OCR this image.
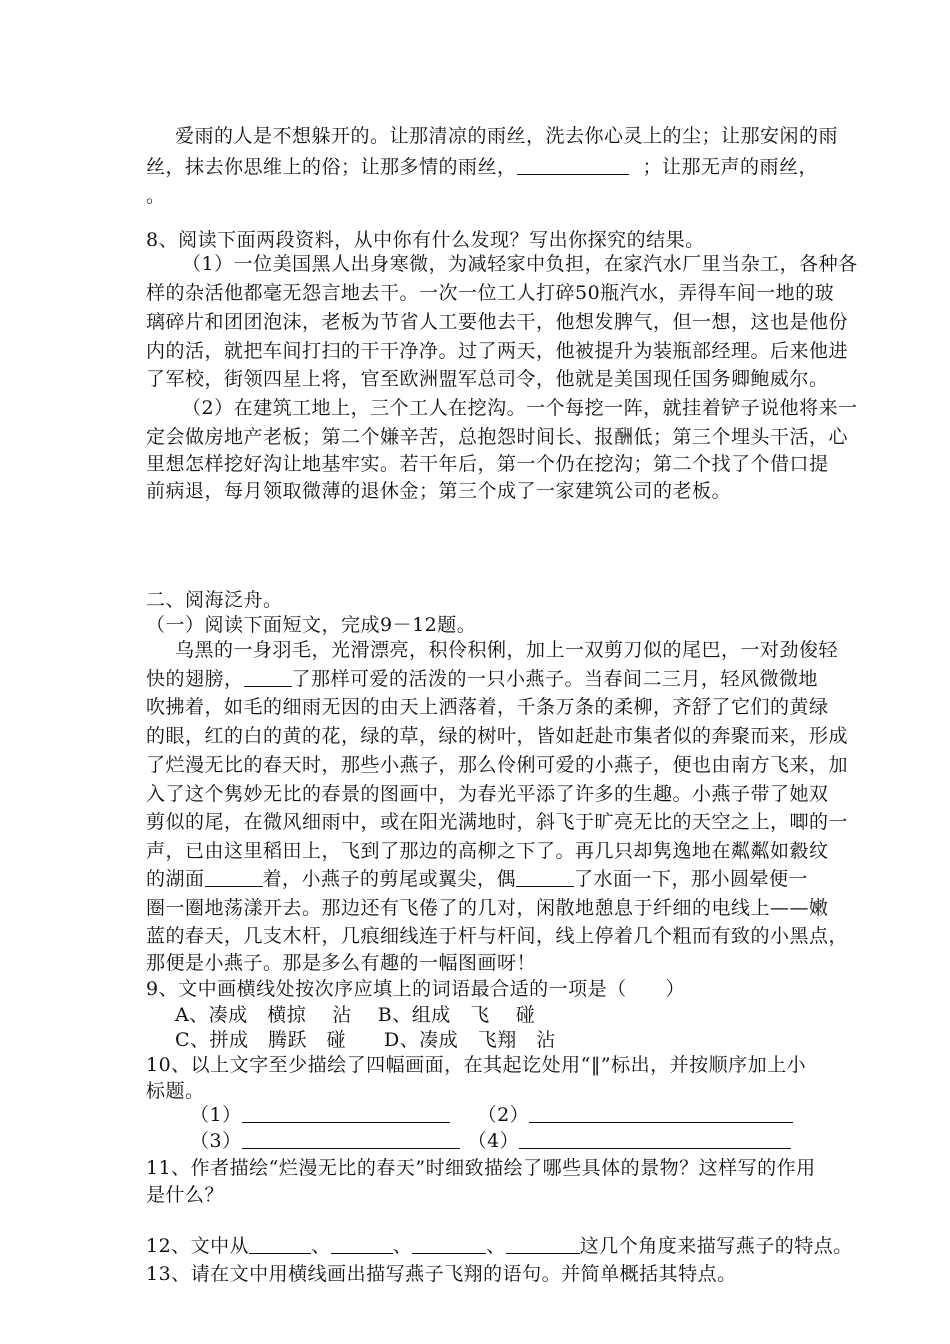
爱雨的人是不想躲开的。让那清凉的雨丝，洗去你心灵上的尘；让那安闲的雨
丝，抹去你思维上的俗；让那多情的雨丝，	；让那无声的雨丝，
。
8、阅读下面两段资料，从中你有什么发现？写出你探究的结果。
（1）一位美国黑人出身寒微，为减轻家中负担，在家汽水厂里当杂工，各种各
样的杂活他都毫无怨言地去干。一次一位工人打碎50瓶汽水，弄得车间一地的玻
璃碎片和团团泡沫，老板为节省人工要他去干，他想发脾气，但一想，这也是他份
内的活，就把车间打扫的干干净净。过了两天，他被提升为装瓶部经理。后来他进
了军校，街领四星上将，官至欧洲盟军总司令，他就是美国现任国务卿鲍威尔。
（2）在建筑工地上，三个工人在挖沟。一个每挖一阵，就挂着铲子说他将来一
定会做房地产老板；第二个嫌辛苦，总抱怨时间长、报酬低；第三个埋头干活，心
里想怎样挖好沟让地基牢实。若干年后，第一个仍在挖沟；第二个找了个借口提
前病退，每月领取微薄的退休金；第三个成了一家建筑公司的老板。
二、阅海泛舟。
（一）阅读下面短文，完成9－12题。
乌黑的一身羽毛，光滑漂亮，积伶积俐，加上一双剪刀似的尾巴，一对劲俊轻
快的翅膀，	了那样可爱的活泼的一只小燕子。当春间二三月，轻风微微地
吹拂着，如毛的细雨无因的由天上洒落着，千条万条的柔柳，齐舒了它们的黄绿
的眼，红的白的黄的花，绿的草，绿的树叶，皆如赶赴市集者似的奔聚而来，形成
了烂漫无比的春天时，那些小燕子，那么伶俐可爱的小燕子，便也由南方飞来，加
入了这个隽妙无比的春景的图画中，为春光平添了许多的生趣。小燕子带了她双
剪似的尾，在微风细雨中，或在阳光满地时，斜飞于旷亮无比的天空之上，唧的一
声，已由这里稻田上，飞到了那边的高柳之下了。再几只却隽逸地在粼粼如縠纹
的湖面	着，小燕子的剪尾或翼尖，偶	了水面一下，那小圆晕便一
圈一圈地荡漾开去。那边还有飞倦了的几对，闲散地憩息于纤细的电线上——嫩
蓝的春天，几支木杆，几痕细线连于杆与杆间，线上停着几个粗而有致的小黑点，
那便是小燕子。那是多么有趣的一幅图画呀！
9、文中画横线处按次序应填上的词语最合适的一项是（　　）
A、凑成　横掠　 沾 B、组成　飞　 碰
C、拼成　腾跃　碰 D、凑成　飞翔　沾
10、以上文字至少描绘了四幅画面，在其起讫处用“‖”标出，并按顺序加上小
标题。
（1）	（2）
（3）	（4）
11、作者描绘“烂漫无比的春天”时细致描绘了哪些具体的景物？这样写的作用
是什么？
12、文中从	、	、	、	这几个角度来描写燕子的特点。
13、请在文中用横线画出描写燕子飞翔的语句。并简单概括其特点。
